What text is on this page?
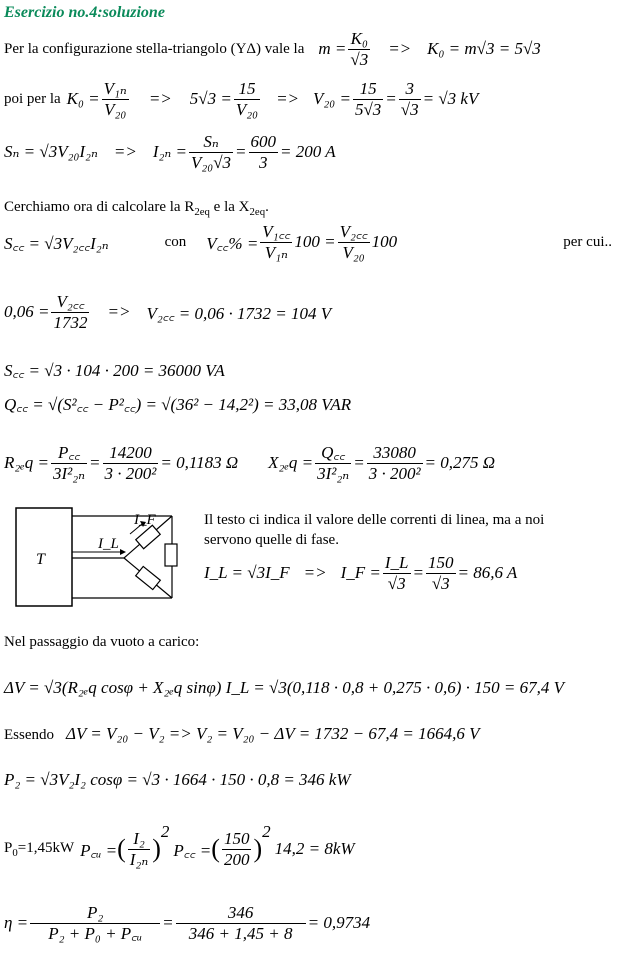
Esercizio no.4:soluzione
Per la configurazione stella-triangolo (YΔ) vale la $m = \frac{\text{K₀}}{√3} => K_0 = m√3 = 5√3$
poi per la $K_0 = \frac{\text{V₁ₙ}}{\text{V₂₀}} => 5√3 = \frac{15}{\text{V₂₀}} => V_{20} = \frac{15}{5√3} = \frac{3}{√3} = √3$ kV
$S_n = √3V_{20}I_{2n} => I_{2n} = \frac{\text{Sₙ}}{\text{V₂₀√3}} = \frac{600}{3} = 200$ A
Cerchiamo ora di calcolare la $R_{2eq}$ e la $X_{2eq}$.
S꜀꜀ = √3V₂꜀꜀I₂ₙ	con V꜀꜀% = $\frac{\text{V₁꜀꜀}}{\text{V₁ₙ}} 100 = \frac{\text{V₂꜀꜀}}{\text{V₂₀}} 100$	per cui..
$0,06 = \frac{\text{V₂꜀꜀}}{1732}$ => V₂꜀꜀ = 0,06 · 1732 = 104 V
S꜀꜀ = √3 · 104 · 200 = 36000 VA
Q꜀꜀ = √(S²꜀꜀ − P²꜀꜀) = √(36² − 14,2²) = 33,08 VAR
$R_{2e}q = \frac{P꜀꜀}{\text{3I²₂ₙ}} = \frac{14200}{\text{3 · 200²}} = 0,1183$ Ω $X_{2e}q = \frac{Q꜀꜀}{\text{3I²₂ₙ}} = \frac{33080}{\text{3 · 200²}} = 0,275$ Ω
T
I_L
I_F	Il testo ci indica il valore delle correnti di linea, ma a noi
servono quelle di fase.
I_L = √3I_F => I_F = $\frac{I\_L}{√3} = \frac{150}{√3} = 86,6$ A
Nel passaggio da vuoto a carico:
ΔV = √3(R₂ₑq cosφ + X₂ₑq sinφ) I_L = √3(0,118 · 0,8 + 0,275 · 0,6) · 150 = 67,4 V
Essendo ΔV = V₂₀ − V₂ => V₂ = V₂₀ − ΔV = 1732 − 67,4 = 1664,6 V
P₂ = √3V₂I₂ cosφ = √3 · 1664 · 150 · 0,8 = 346 kW
$P_0=1,45kW$ P꜀ᵤ = ( I₂
I₂ₙ )
2
P꜀꜀ = ( 150
200 )
2
14,2 = 8kW
$\eta = \frac{\text{P₂}}{\text{P₂ + P₀ + P꜀ᵤ}} = \frac{346}{346 + 1,45 + 8} = 0,9734$
